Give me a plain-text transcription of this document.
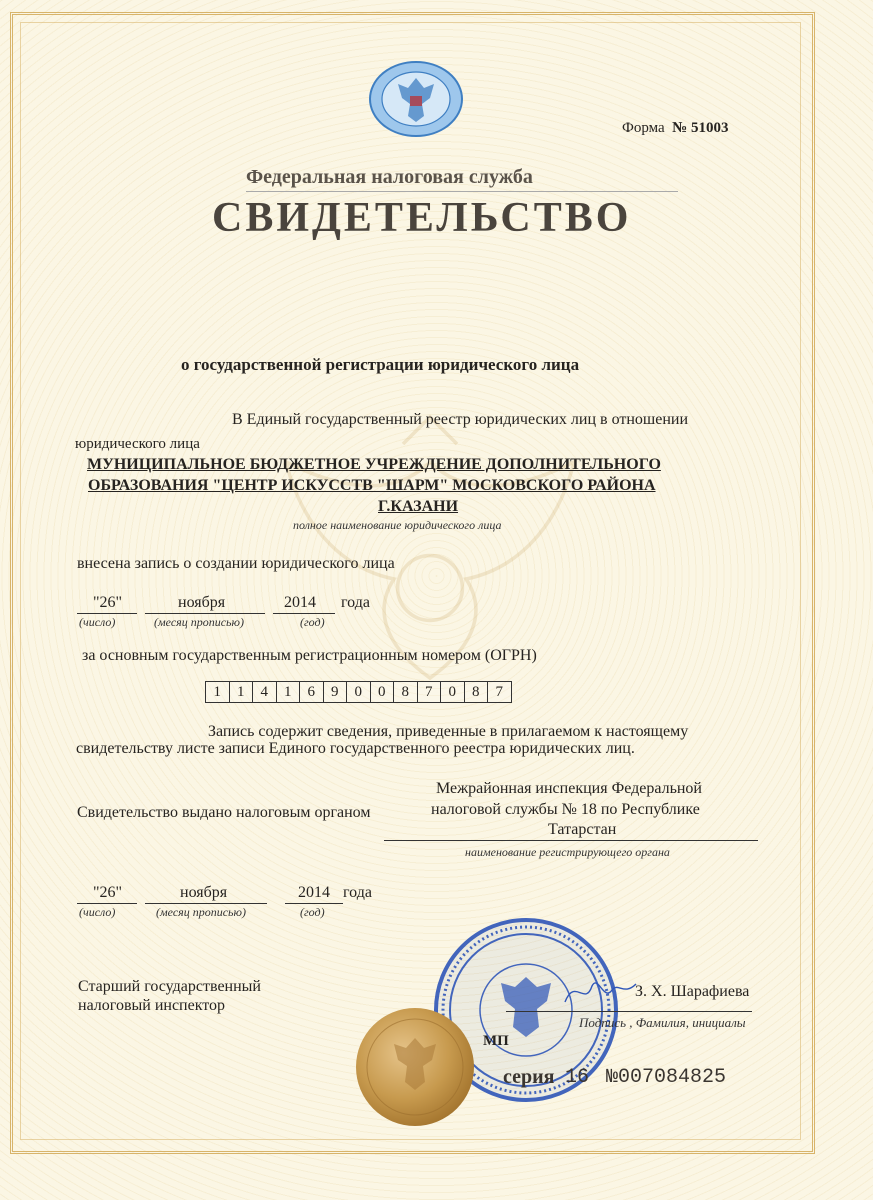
Форма № 51003
Федеральная налоговая служба
СВИДЕТЕЛЬСТВО
о государственной регистрации юридического лица
В Единый государственный реестр юридических лиц в отношении
юридического лица
МУНИЦИПАЛЬНОЕ БЮДЖЕТНОЕ УЧРЕЖДЕНИЕ ДОПОЛНИТЕЛЬНОГО
ОБРАЗОВАНИЯ "ЦЕНТР ИСКУССТВ "ШАРМ" МОСКОВСКОГО РАЙОНА
Г.КАЗАНИ
полное наименование юридического лица
внесена запись о создании юридического лица
"26"	ноября	2014 года
(число)	(месяц прописью)	(год)
за основным государственным регистрационным номером (ОГРН)
1	1	4	1	6	9	0	0	8	7	0	8	7
Запись содержит сведения, приведенные в прилагаемом к настоящему
свидетельству листе записи Единого государственного реестра юридических лиц.
Свидетельство выдано налоговым органом
Межрайонная инспекция Федеральной
налоговой службы № 18 по Республике
Татарстан
наименование регистрирующего органа
"26"	ноября	2014 года
(число)	(месяц прописью)	(год)
Старший государственный
налоговый инспектор
З. Х. Шарафиева
Подпись , Фамилия, инициалы
МП
серия 16 №007084825
